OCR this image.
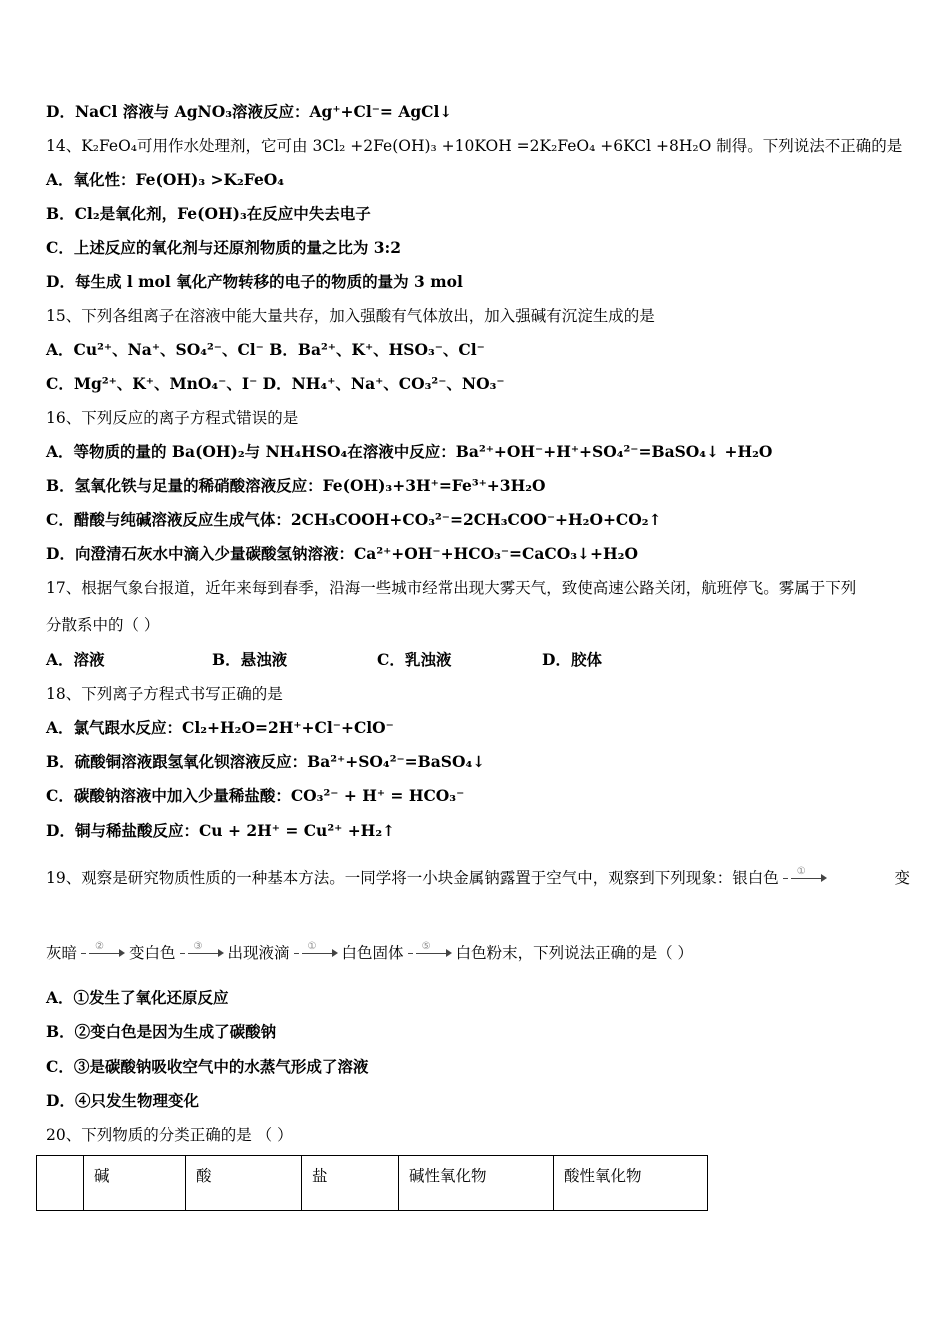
D．NaCl 溶液与 AgNO₃溶液反应：Ag⁺+Cl⁻= AgCl↓
14、K₂FeO₄可用作水处理剂，它可由 3Cl₂ +2Fe(OH)₃ +10KOH =2K₂FeO₄ +6KCl +8H₂O 制得。下列说法不正确的是
A．氧化性：Fe(OH)₃ >K₂FeO₄
B．Cl₂是氧化剂，Fe(OH)₃在反应中失去电子
C．上述反应的氧化剂与还原剂物质的量之比为 3:2
D．每生成 l mol 氧化产物转移的电子的物质的量为 3 mol
15、下列各组离子在溶液中能大量共存，加入强酸有气体放出，加入强碱有沉淀生成的是
A．Cu²⁺、Na⁺、SO₄²⁻、Cl⁻ B．Ba²⁺、K⁺、HSO₃⁻、Cl⁻
C．Mg²⁺、K⁺、MnO₄⁻、I⁻ D．NH₄⁺、Na⁺、CO₃²⁻、NO₃⁻
16、下列反应的离子方程式错误的是
A．等物质的量的 Ba(OH)₂与 NH₄HSO₄在溶液中反应：Ba²⁺+OH⁻+H⁺+SO₄²⁻=BaSO₄↓ +H₂O
B．氢氧化铁与足量的稀硝酸溶液反应：Fe(OH)₃+3H⁺=Fe³⁺+3H₂O
C．醋酸与纯碱溶液反应生成气体：2CH₃COOH+CO₃²⁻=2CH₃COO⁻+H₂O+CO₂↑
D．向澄清石灰水中滴入少量碳酸氢钠溶液：Ca²⁺+OH⁻+HCO₃⁻=CaCO₃↓+H₂O
17、根据气象台报道，近年来每到春季，沿海一些城市经常出现大雾天气，致使高速公路关闭，航班停飞。雾属于下列
分散系中的（ ）
A．溶液	B．悬浊液	C．乳浊液	D．胶体
18、下列离子方程式书写正确的是
A．氯气跟水反应：Cl₂+H₂O=2H⁺+Cl⁻+ClO⁻
B．硫酸铜溶液跟氢氧化钡溶液反应：Ba²⁺+SO₄²⁻=BaSO₄↓
C．碳酸钠溶液中加入少量稀盐酸：CO₃²⁻ + H⁺ = HCO₃⁻
D．铜与稀盐酸反应：Cu + 2H⁺ = Cu²⁺ +H₂↑
19、观察是研究物质性质的一种基本方法。一同学将一小块金属钠露置于空气中，观察到下列现象：银白色 ①	变
灰暗 ② 变白色 ③ 出现液滴 ① 白色固体 ⑤ 白色粉末，下列说法正确的是（ ）
A．①发生了氧化还原反应
B．②变白色是因为生成了碳酸钠
C．③是碳酸钠吸收空气中的水蒸气形成了溶液
D．④只发生物理变化
20、下列物质的分类正确的是 （ ）
	碱	酸	盐	碱性氧化物	酸性氧化物
